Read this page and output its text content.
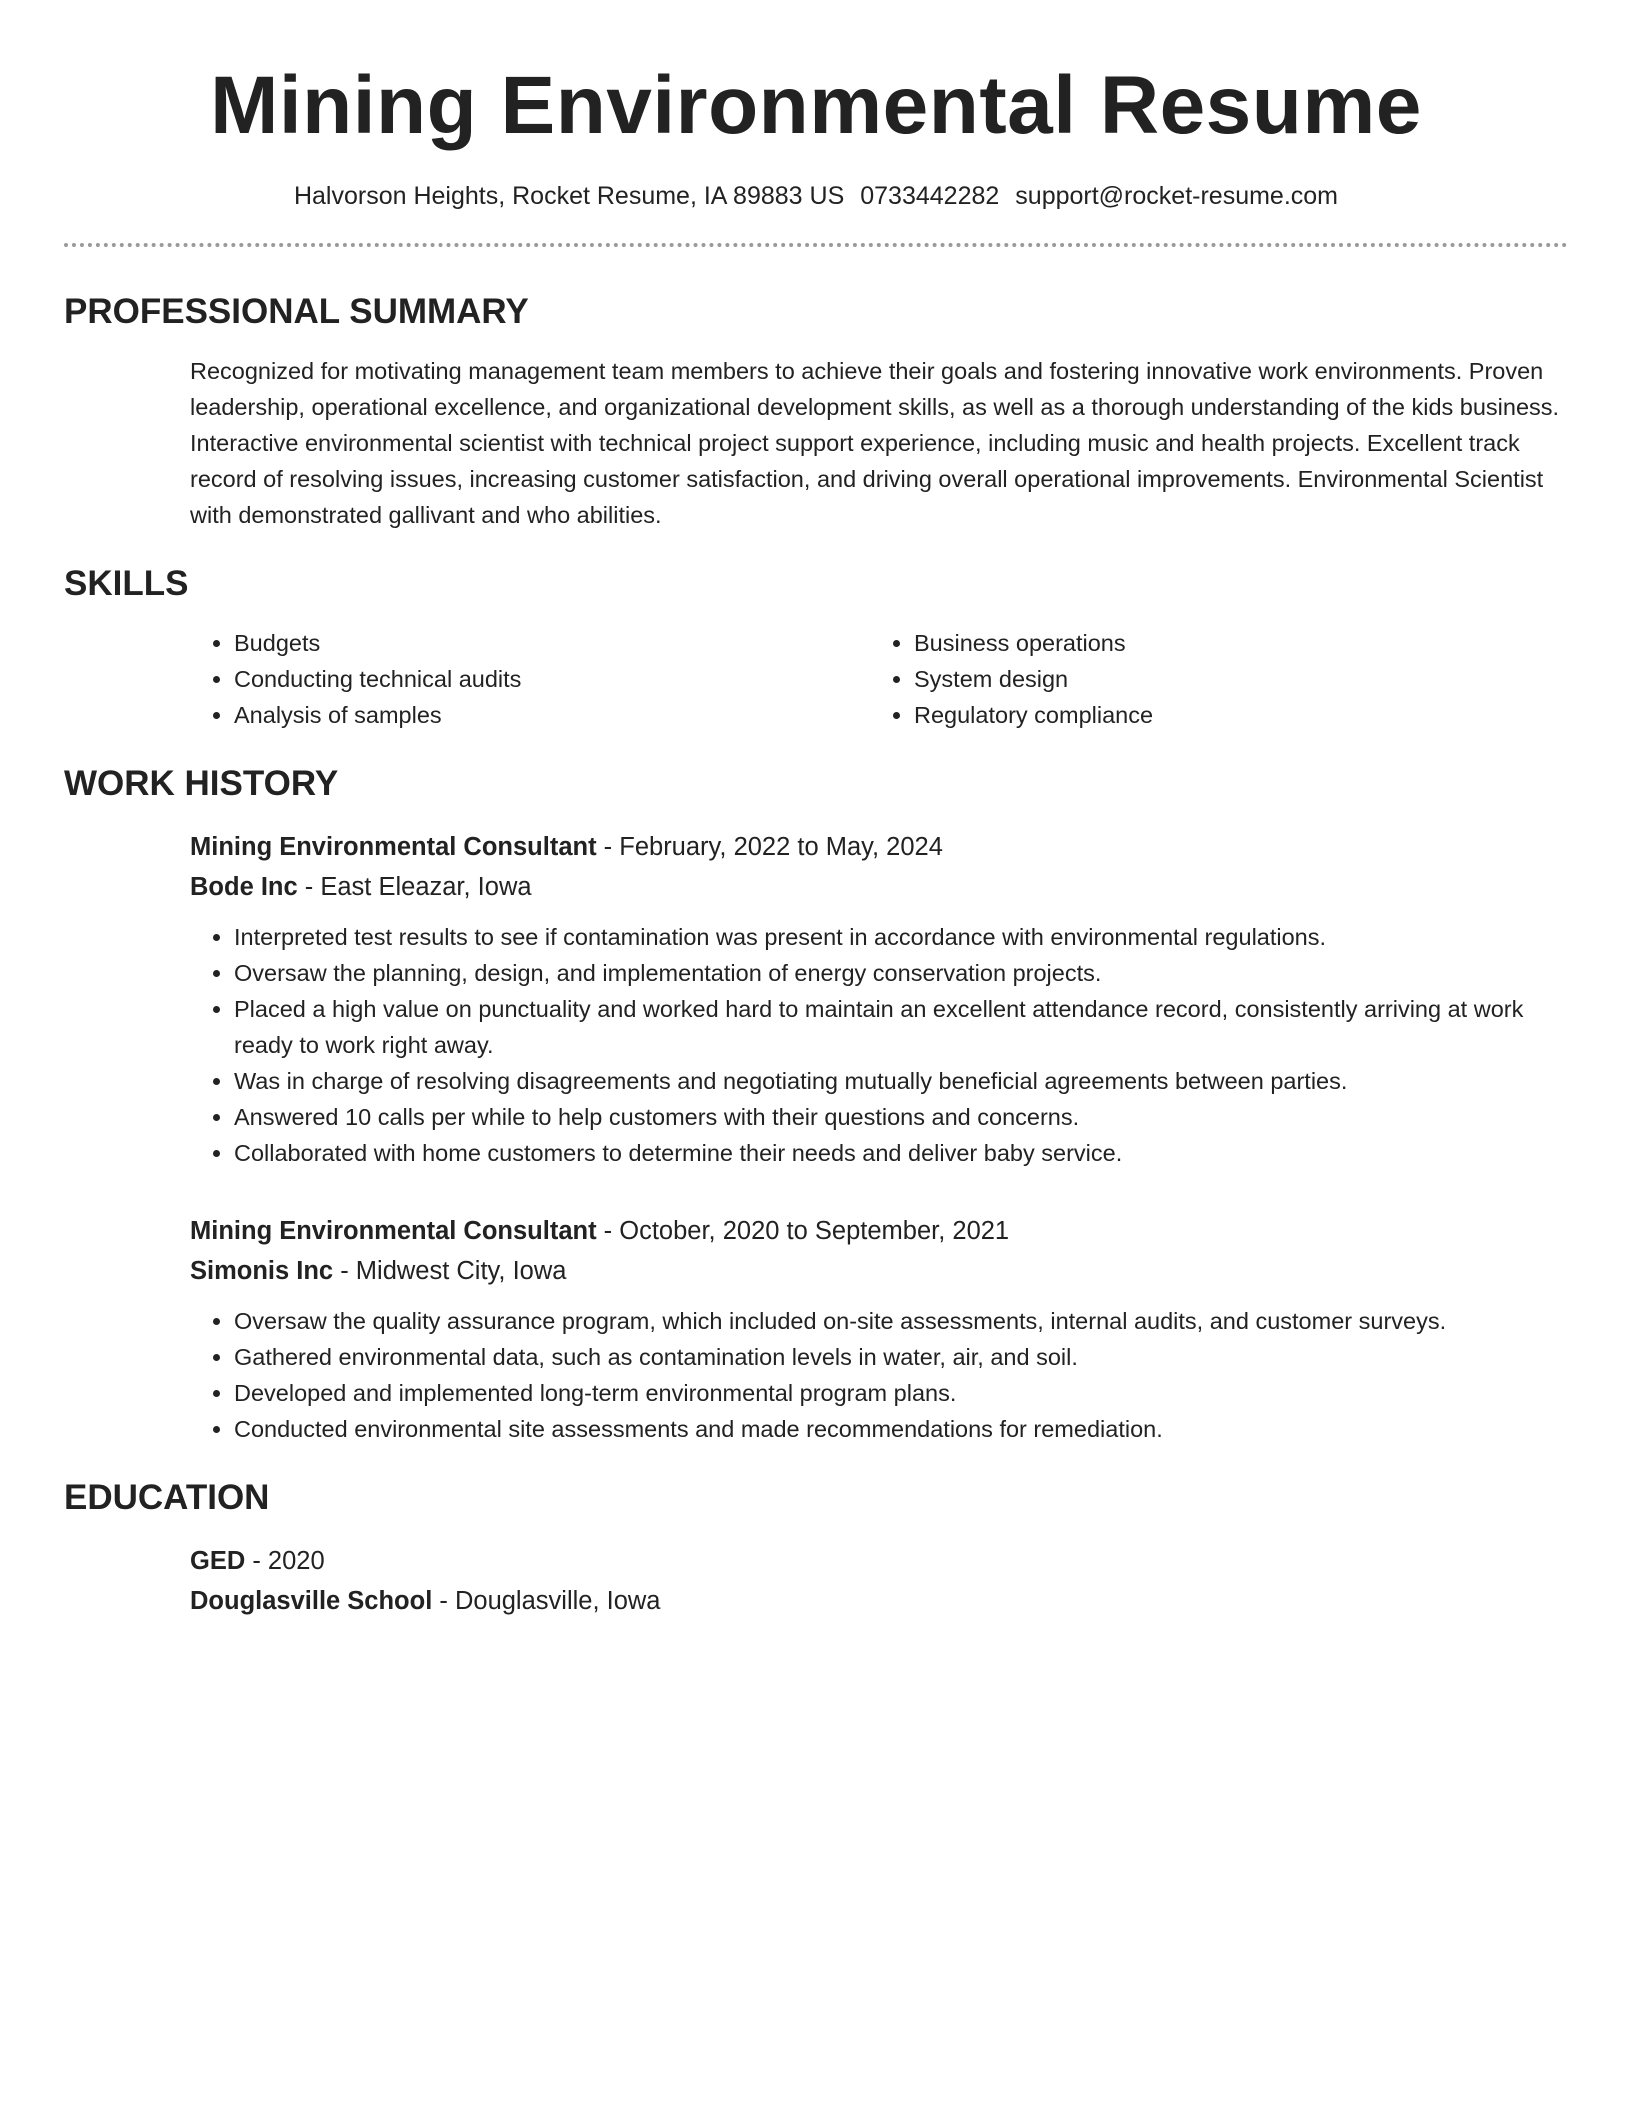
Mining Environmental Resume
Halvorson Heights, Rocket Resume, IA 89883 US 0733442282 support@rocket-resume.com
PROFESSIONAL SUMMARY
Recognized for motivating management team members to achieve their goals and fostering innovative work environments. Proven leadership, operational excellence, and organizational development skills, as well as a thorough understanding of the kids business. Interactive environmental scientist with technical project support experience, including music and health projects. Excellent track record of resolving issues, increasing customer satisfaction, and driving overall operational improvements. Environmental Scientist with demonstrated gallivant and who abilities.
SKILLS
• Budgets
• Conducting technical audits
• Analysis of samples
• Business operations
• System design
• Regulatory compliance
WORK HISTORY
Mining Environmental Consultant - February, 2022 to May, 2024
Bode Inc - East Eleazar, Iowa
• Interpreted test results to see if contamination was present in accordance with environmental regulations.
• Oversaw the planning, design, and implementation of energy conservation projects.
• Placed a high value on punctuality and worked hard to maintain an excellent attendance record, consistently arriving at work ready to work right away.
• Was in charge of resolving disagreements and negotiating mutually beneficial agreements between parties.
• Answered 10 calls per while to help customers with their questions and concerns.
• Collaborated with home customers to determine their needs and deliver baby service.
Mining Environmental Consultant - October, 2020 to September, 2021
Simonis Inc - Midwest City, Iowa
• Oversaw the quality assurance program, which included on-site assessments, internal audits, and customer surveys.
• Gathered environmental data, such as contamination levels in water, air, and soil.
• Developed and implemented long-term environmental program plans.
• Conducted environmental site assessments and made recommendations for remediation.
EDUCATION
GED - 2020
Douglasville School - Douglasville, Iowa
